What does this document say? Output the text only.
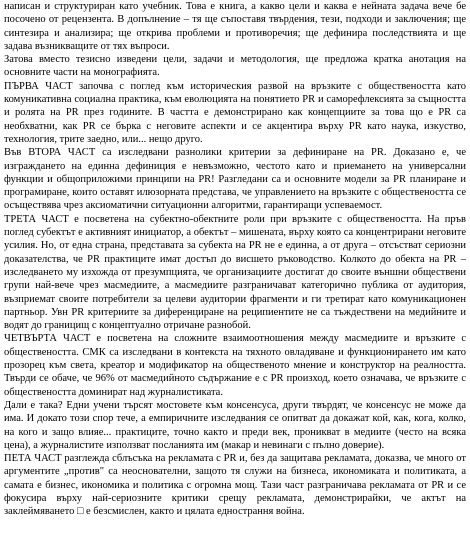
написан и структуриран като учебник. Това е книга, а какво цели и каква е нейната задача вече бе посочено от рецензента. В допълнение – тя ще съпоставя твърдения, тези, подходи и заключения; ще синтезира и анализира; ще открива проблеми и противоречия; ще дефинира последствията и ще задава възникващите от тях въпроси.

Затова вместо тезисно изведени цели, задачи и методология, ще предложа кратка анотация на основните части на монографията.

ПЪРВА ЧАСТ започва с поглед към историческия развой на връзките с обществеността като комуникативна социална практика, към еволюцията на понятието PR и саморефлексията за същността и ролята на PR през годините. В частта е демонстрирано как концепциите за това що е PR са необхватни, как PR се бърка с неговите аспекти и се акцентира върху PR като наука, изкуство, технология, трите заедно, или... нещо друго.

Във ВТОРА ЧАСТ са изследвани разнолики критерии за дефиниране на PR. Доказано е, че изграждането на единна дефиниция е невъзможно, честото като и приемането на универсални функции и общоприложими принципи на PR! Разгледани са и основните модели за PR планиране и програмиране, които оставят илюзорната представа, че управлението на връзките с обществеността се осъществява чрез аксиоматични ситуационни алгоритми, гарантиращи успеваемост.

ТРЕТА ЧАСТ е посветена на субектно-обектните роли при връзките с обществеността. На пръв поглед субектът е активният инициатор, а обектът – мишената, върху която са концентрирани неговите усилия. Но, от една страна, представата за субекта на PR не е единна, а от друга – отсъстват сериозни доказателства, че PR практиците имат достъп до висшето ръководство. Колкото до обекта на PR – изследването му изхожда от презумпцията, че организациите достигат до своите външни обществени групи най-вече чрез масмедиите, а масмедиите разграничават категорично публика от аудитория, възприемат своите потребители за целеви аудитории фрагменти и ги третират като комуникационен партньор. Увн PR критериите за диференциране на реципиентите не са тъждествени на медийните и водят до границищ с концептуално отричане разнобой.

ЧЕТВЪРТА ЧАСТ е посветена на сложните взаимоотношения между масмедиите и връзките с обществеността. СМК са изследвани в контекста на тяхното овладяване и функционирането им като прозорец към света, креатор и модификатор на общественото мнение и конструктор на реалността. Твърди се обаче, че 96% от масмедийното съдържание е с PR произход, което означава, че връзките с обществеността доминират над журналистиката.

Дали е така? Едни учени търсят мостовете към консенсуса, други твърдят, че консенсус не може да има. И докато този спор тече, а емпиричните изследвания се опитват да докажат кой, как, кога, колко, на кого и защо влияе... практиците, точно както и преди век, проникват в медиите (често на всяка цена), а журналистите използват посланията им (макар и невинаги с пълно доверие).

ПЕТА ЧАСТ разглежда сблъсъка на рекламата с PR и, без да защитава рекламата, доказва, че много от аргументите „против" са неоснователни, защото тя служи на бизнеса, икономиката и политиката, а самата е бизнес, икономика и политика с огромна мощ. Тази част разграничава рекламата от PR и се фокусира върху най-сериозните критики срещу рекламата, демонстрирайки, че актът на заклеймяването □ е безсмислен, както и цялата еднострання война.
